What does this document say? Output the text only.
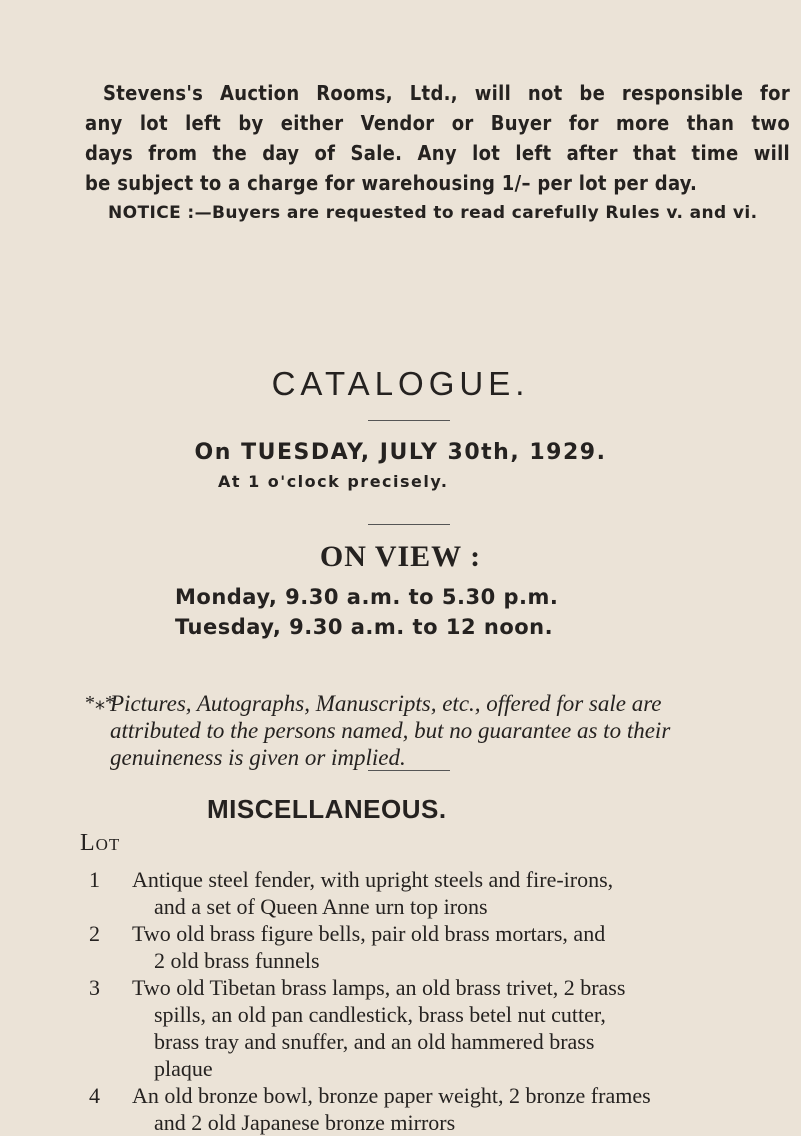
Stevens's Auction Rooms, Ltd., will not be responsible for

any lot left by either Vendor or Buyer for more than two

days from the day of Sale. Any lot left after that time will

be subject to a charge for warehousing 1/– per lot per day.

NOTICE :—Buyers are requested to read carefully Rules v. and vi.
CATALOGUE.
On TUESDAY, JULY 30th, 1929.
At 1 o'clock precisely.
ON VIEW :
Monday, 9.30 a.m. to 5.30 p.m.
Tuesday, 9.30 a.m. to 12 noon.
*⁎*
Pictures, Autographs, Manuscripts, etc., offered for sale are
attributed to the persons named, but no guarantee as to their
genuineness is given or implied.
MISCELLANEOUS.
Lot
1 Antique steel fender, with upright steels and fire-irons,
and a set of Queen Anne urn top irons
2 Two old brass figure bells, pair old brass mortars, and
2 old brass funnels
3 Two old Tibetan brass lamps, an old brass trivet, 2 brass
spills, an old pan candlestick, brass betel nut cutter,
brass tray and snuffer, and an old hammered brass
plaque
4 An old bronze bowl, bronze paper weight, 2 bronze frames
and 2 old Japanese bronze mirrors
